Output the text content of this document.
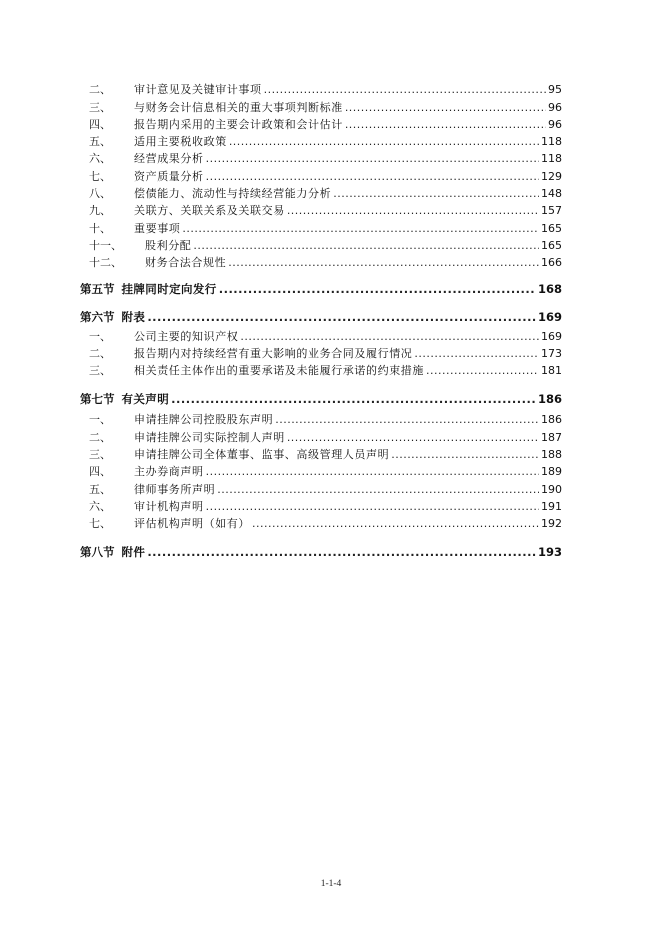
二、	审计意见及关键审计事项 .....	95
三、	与财务会计信息相关的重大事项判断标准 .....	96
四、	报告期内采用的主要会计政策和会计估计 .....	96
五、	适用主要税收政策 .....	118
六、	经营成果分析 .....	118
七、	资产质量分析 .....	129
八、	偿债能力、流动性与持续经营能力分析 .....	148
九、	关联方、关联关系及关联交易 .....	157
十、	重要事项 .....	165
十一、	股利分配 .....	165
十二、	财务合法合规性 .....	166
第五节 挂牌同时定向发行 .....	168
第六节 附表 .....	169
一、	公司主要的知识产权 .....	169
二、	报告期内对持续经营有重大影响的业务合同及履行情况 .....	173
三、	相关责任主体作出的重要承诺及未能履行承诺的约束措施 .....	181
第七节 有关声明 .....	186
一、	申请挂牌公司控股股东声明 .....	186
二、	申请挂牌公司实际控制人声明 .....	187
三、	申请挂牌公司全体董事、监事、高级管理人员声明 .....	188
四、	主办券商声明 .....	189
五、	律师事务所声明 .....	190
六、	审计机构声明 .....	191
七、	评估机构声明（如有） .....	192
第八节 附件 .....	193
1-1-4
